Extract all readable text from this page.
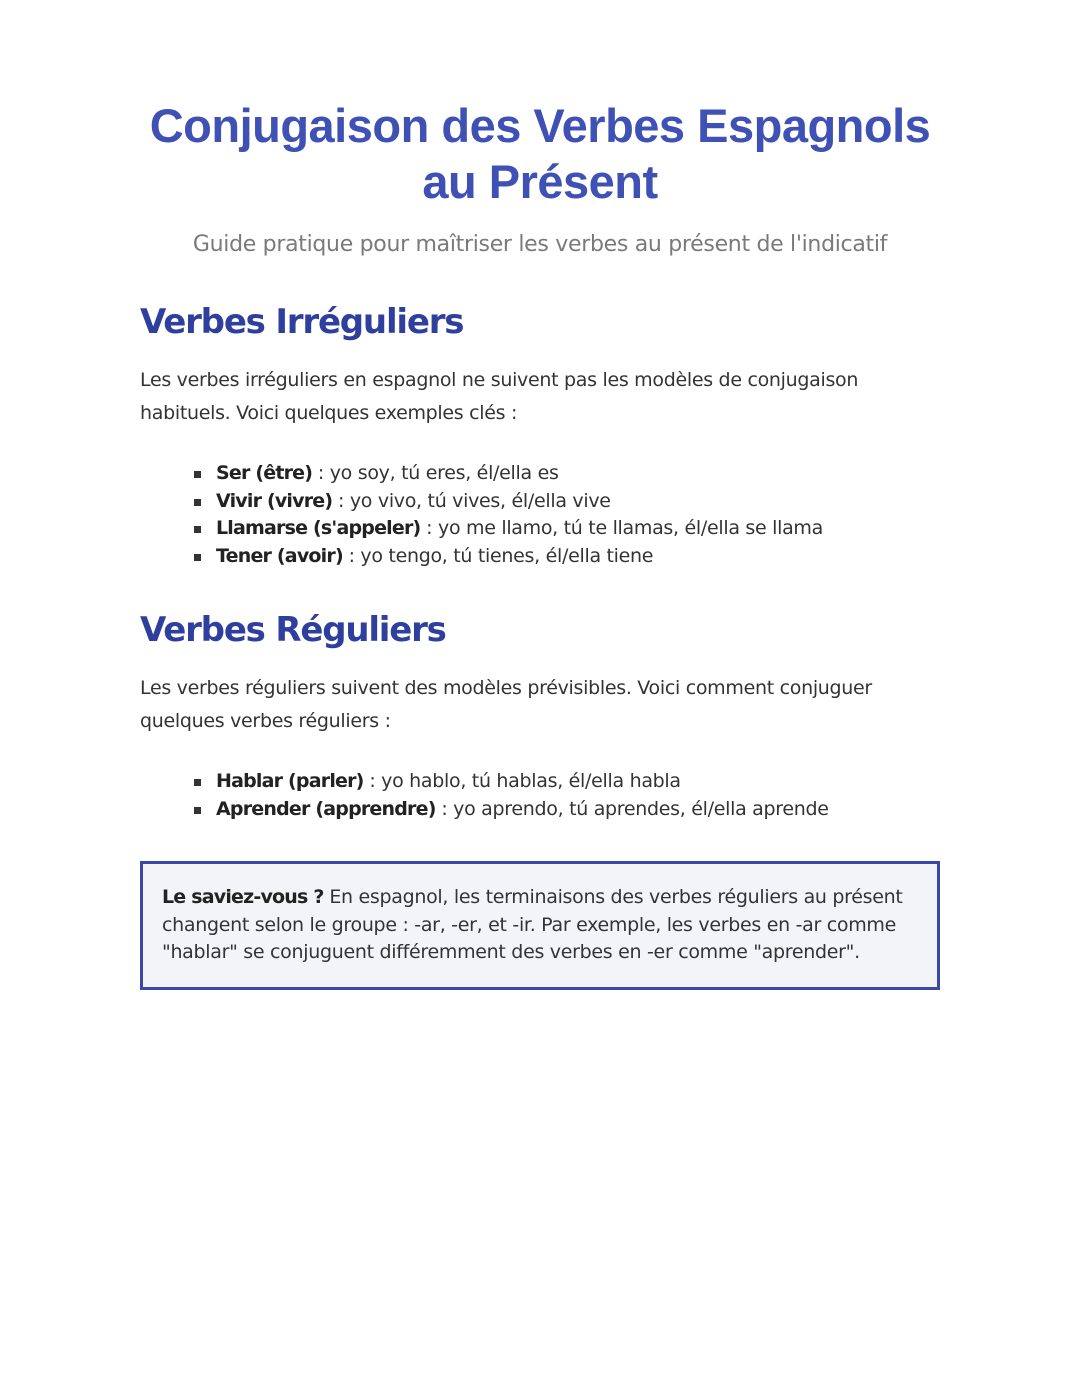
Conjugaison des Verbes Espagnols
au Présent

Guide pratique pour maîtriser les verbes au présent de l'indicatif

Verbes Irréguliers

Les verbes irréguliers en espagnol ne suivent pas les modèles de conjugaison habituels. Voici quelques exemples clés :

Ser (être) : yo soy, tú eres, él/ella es
Vivir (vivre) : yo vivo, tú vives, él/ella vive
Llamarse (s'appeler) : yo me llamo, tú te llamas, él/ella se llama
Tener (avoir) : yo tengo, tú tienes, él/ella tiene
Verbes Réguliers

Les verbes réguliers suivent des modèles prévisibles. Voici comment conjuguer quelques verbes réguliers :

Hablar (parler) : yo hablo, tú hablas, él/ella habla
Aprender (apprendre) : yo aprendo, tú aprendes, él/ella aprende
Le saviez-vous ? En espagnol, les terminaisons des verbes réguliers au présent changent selon le groupe : -ar, -er, et -ir. Par exemple, les verbes en -ar comme "hablar" se conjuguent différemment des verbes en -er comme "aprender".
